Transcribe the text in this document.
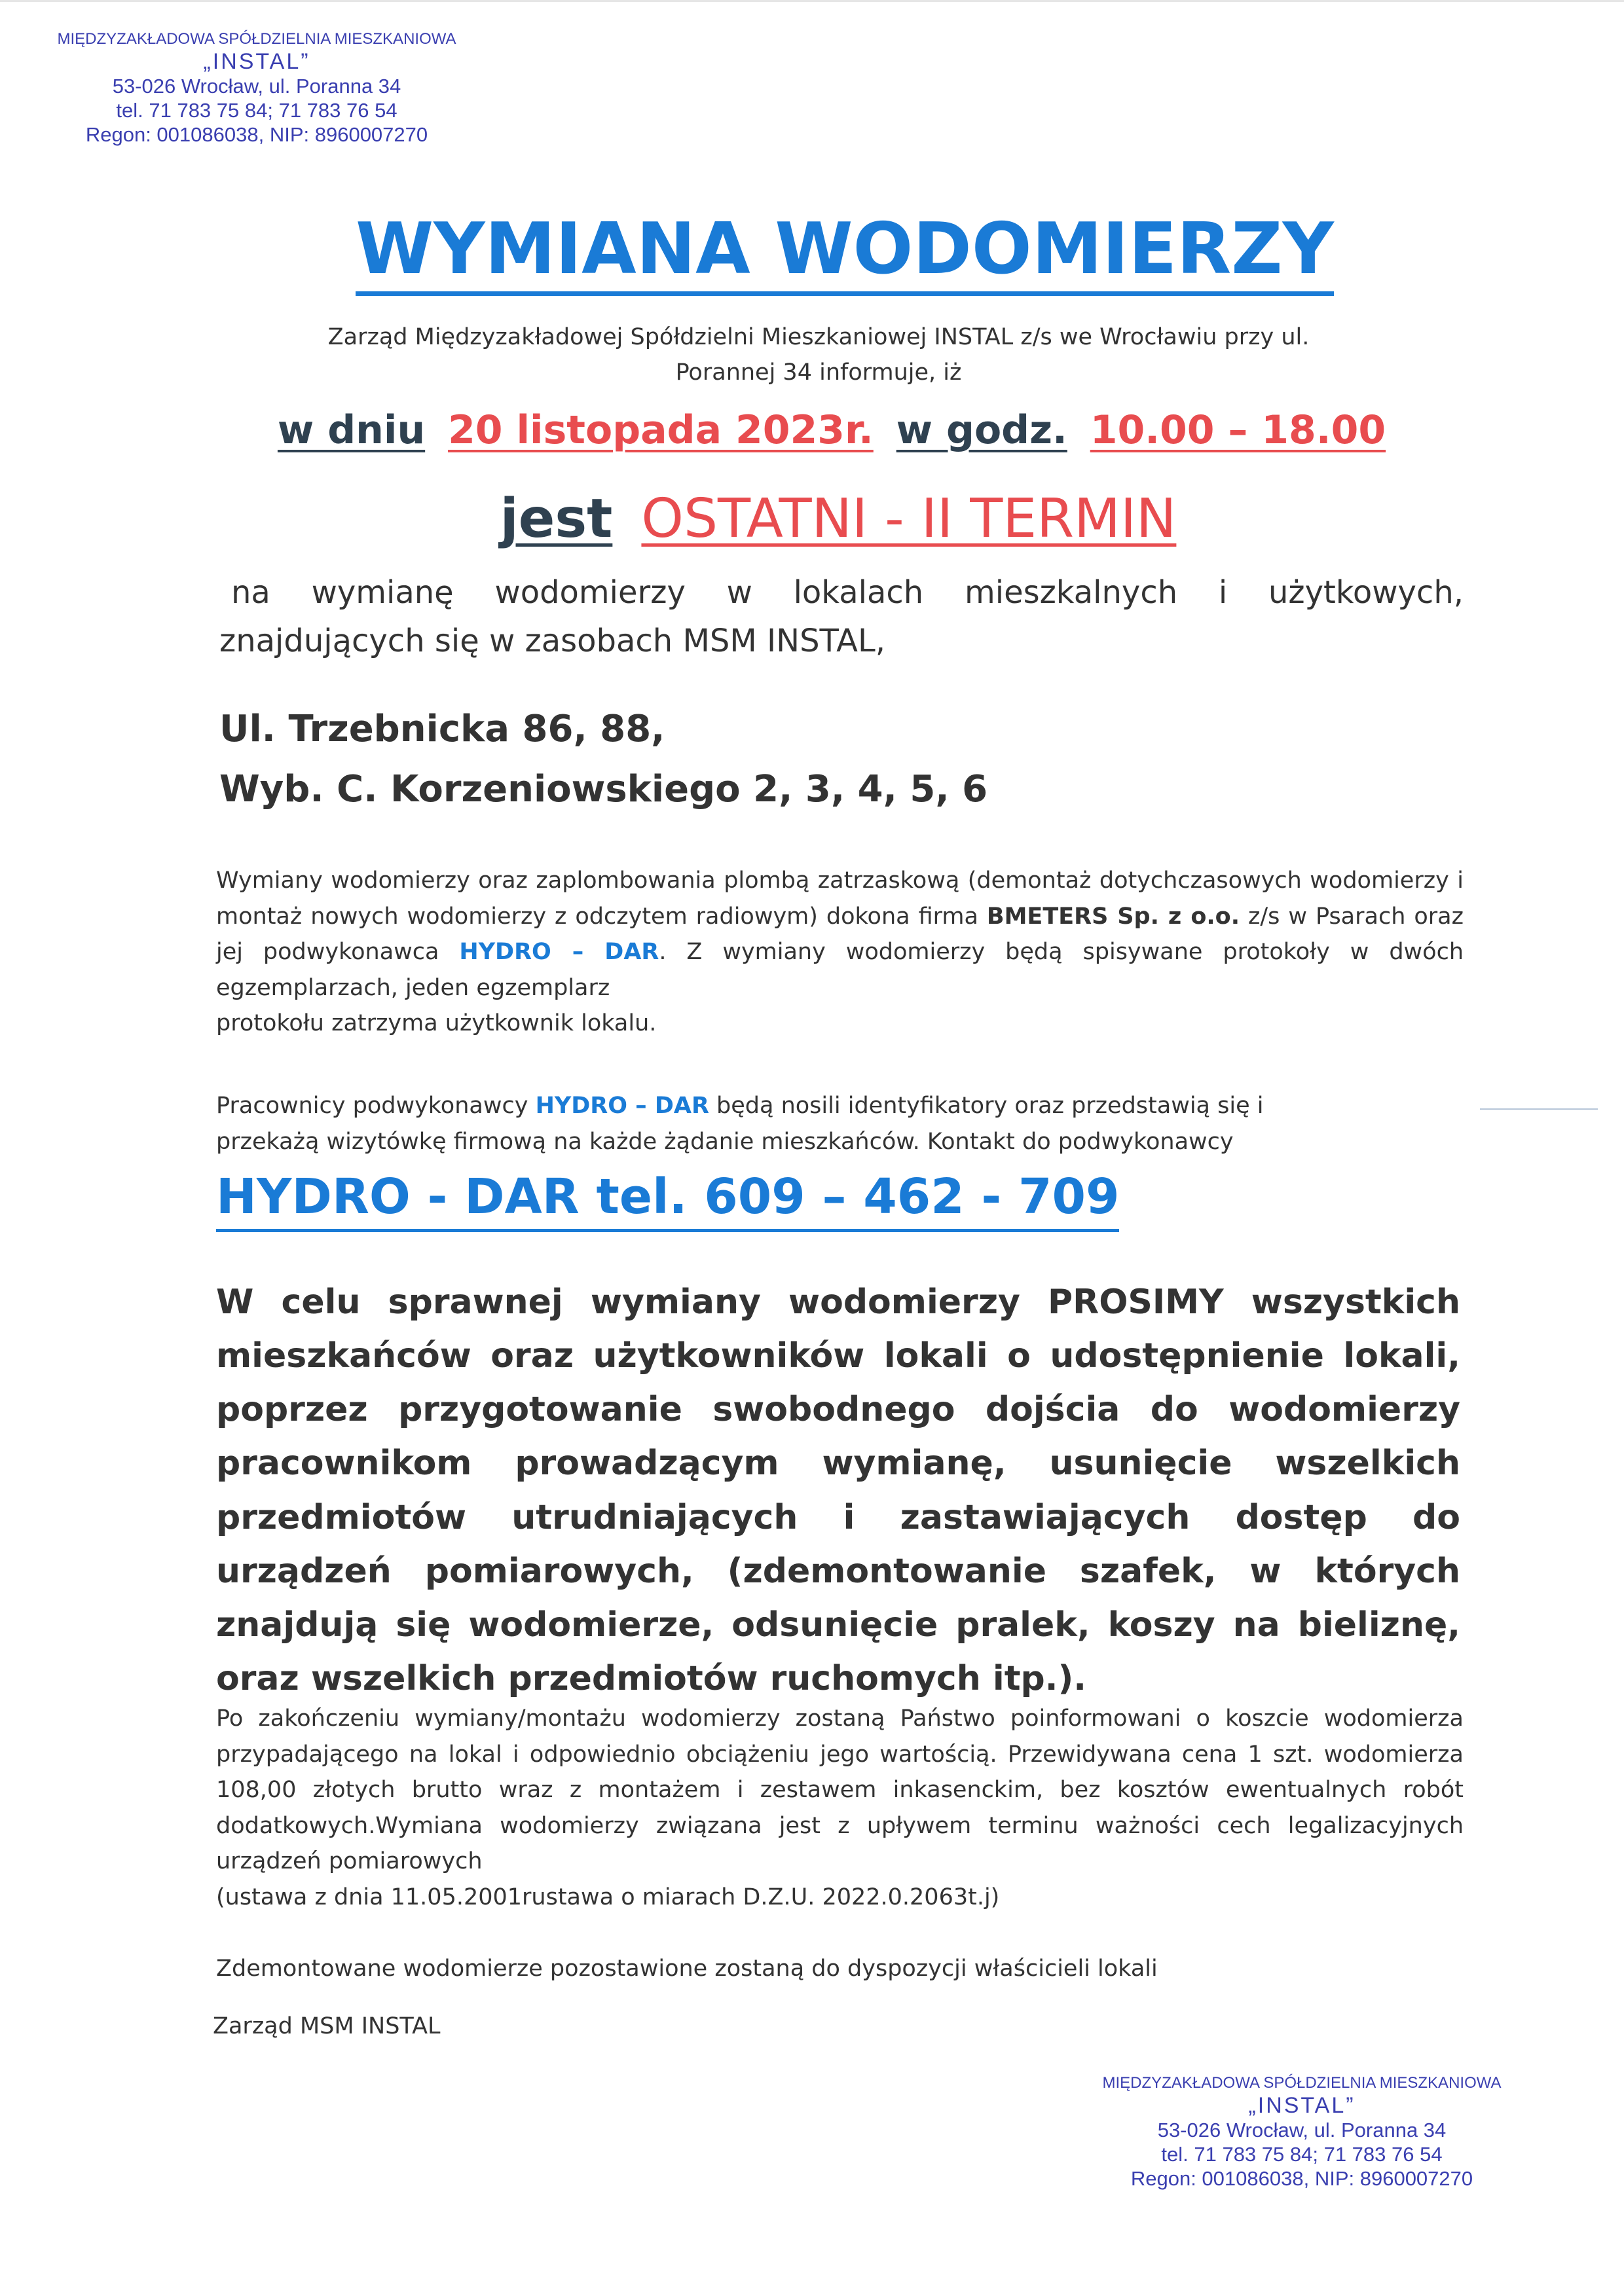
MIĘDZYZAKŁADOWA SPÓŁDZIELNIA MIESZKANIOWA
„INSTAL”
53-026 Wrocław, ul. Poranna 34
tel. 71 783 75 84; 71 783 76 54
Regon: 001086038, NIP: 8960007270
WYMIANA WODOMIERZY
Zarząd Międzyzakładowej Spółdzielni Mieszkaniowej INSTAL z/s we Wrocławiu przy ul.
Porannej 34 informuje, iż
w dniu 20 listopada 2023r. w godz. 10.00 – 18.00
jest OSTATNI - II TERMIN
na wymianę wodomierzy w lokalach mieszkalnych i użytkowych,
znajdujących się w zasobach MSM INSTAL,
Ul. Trzebnicka 86, 88,
Wyb. C. Korzeniowskiego 2, 3, 4, 5, 6
Wymiany wodomierzy oraz zaplombowania plombą zatrzaskową (demontaż dotychczasowych wodomierzy i montaż nowych wodomierzy z odczytem radiowym) dokona firma BMETERS Sp. z o.o. z/s w Psarach oraz jej podwykonawca HYDRO – DAR. Z wymiany wodomierzy będą spisywane protokoły w dwóch egzemplarzach, jeden egzemplarz
protokołu zatrzyma użytkownik lokalu.
Pracownicy podwykonawcy HYDRO – DAR będą nosili identyfikatory oraz przedstawią się i
przekażą wizytówkę firmową na każde żądanie mieszkańców. Kontakt do podwykonawcy
HYDRO - DAR tel. 609 – 462 - 709
W celu sprawnej wymiany wodomierzy PROSIMY wszystkich mieszkańców oraz użytkowników lokali o udostępnienie lokali, poprzez przygotowanie swobodnego dojścia do wodomierzy pracownikom prowadzącym wymianę, usunięcie wszelkich przedmiotów utrudniających i zastawiających dostęp do urządzeń pomiarowych, (zdemontowanie szafek, w których znajdują się wodomierze, odsunięcie pralek, koszy na bieliznę, oraz wszelkich przedmiotów ruchomych itp.).
Po zakończeniu wymiany/montażu wodomierzy zostaną Państwo poinformowani o koszcie wodomierza przypadającego na lokal i odpowiednio obciążeniu jego wartością. Przewidywana cena 1 szt. wodomierza 108,00 złotych brutto wraz z montażem i zestawem inkasenckim, bez kosztów ewentualnych robót dodatkowych.Wymiana wodomierzy związana jest z upływem terminu ważności cech legalizacyjnych urządzeń pomiarowych
(ustawa z dnia 11.05.2001rustawa o miarach D.Z.U. 2022.0.2063t.j)
Zdemontowane wodomierze pozostawione zostaną do dyspozycji właścicieli lokali
Zarząd MSM INSTAL
MIĘDZYZAKŁADOWA SPÓŁDZIELNIA MIESZKANIOWA
„INSTAL”
53-026 Wrocław, ul. Poranna 34
tel. 71 783 75 84; 71 783 76 54
Regon: 001086038, NIP: 8960007270
